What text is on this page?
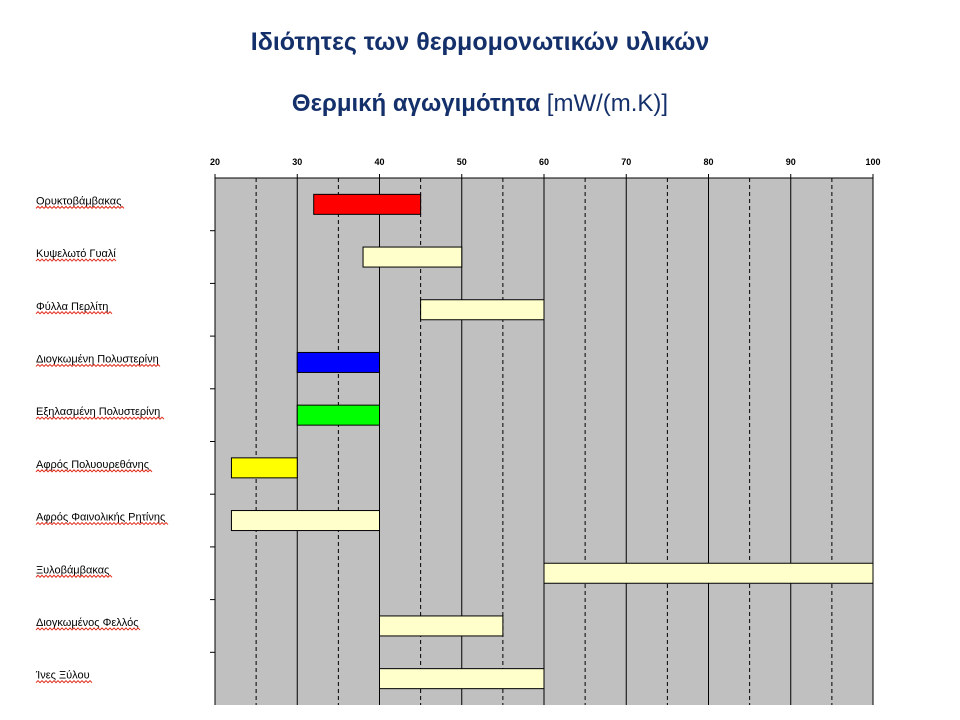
Ιδιότητες των θερμομονωτικών υλικών
Θερμική αγωγιμότητα [mW/(m.K)]
20	30	40	50	60	70	80	90	100
Ορυκτοβάμβακας
Κυψελωτό Γυαλί
Φύλλα Περλίτη
Διογκωμένη Πολυστερίνη
Εξηλασμένη Πολυστερίνη
Αφρός Πολυουρεθάνης
Αφρός Φαινολικής Ρητίνης
Ξυλοβάμβακας
Διογκωμένος Φελλός
Ίνες Ξύλου
